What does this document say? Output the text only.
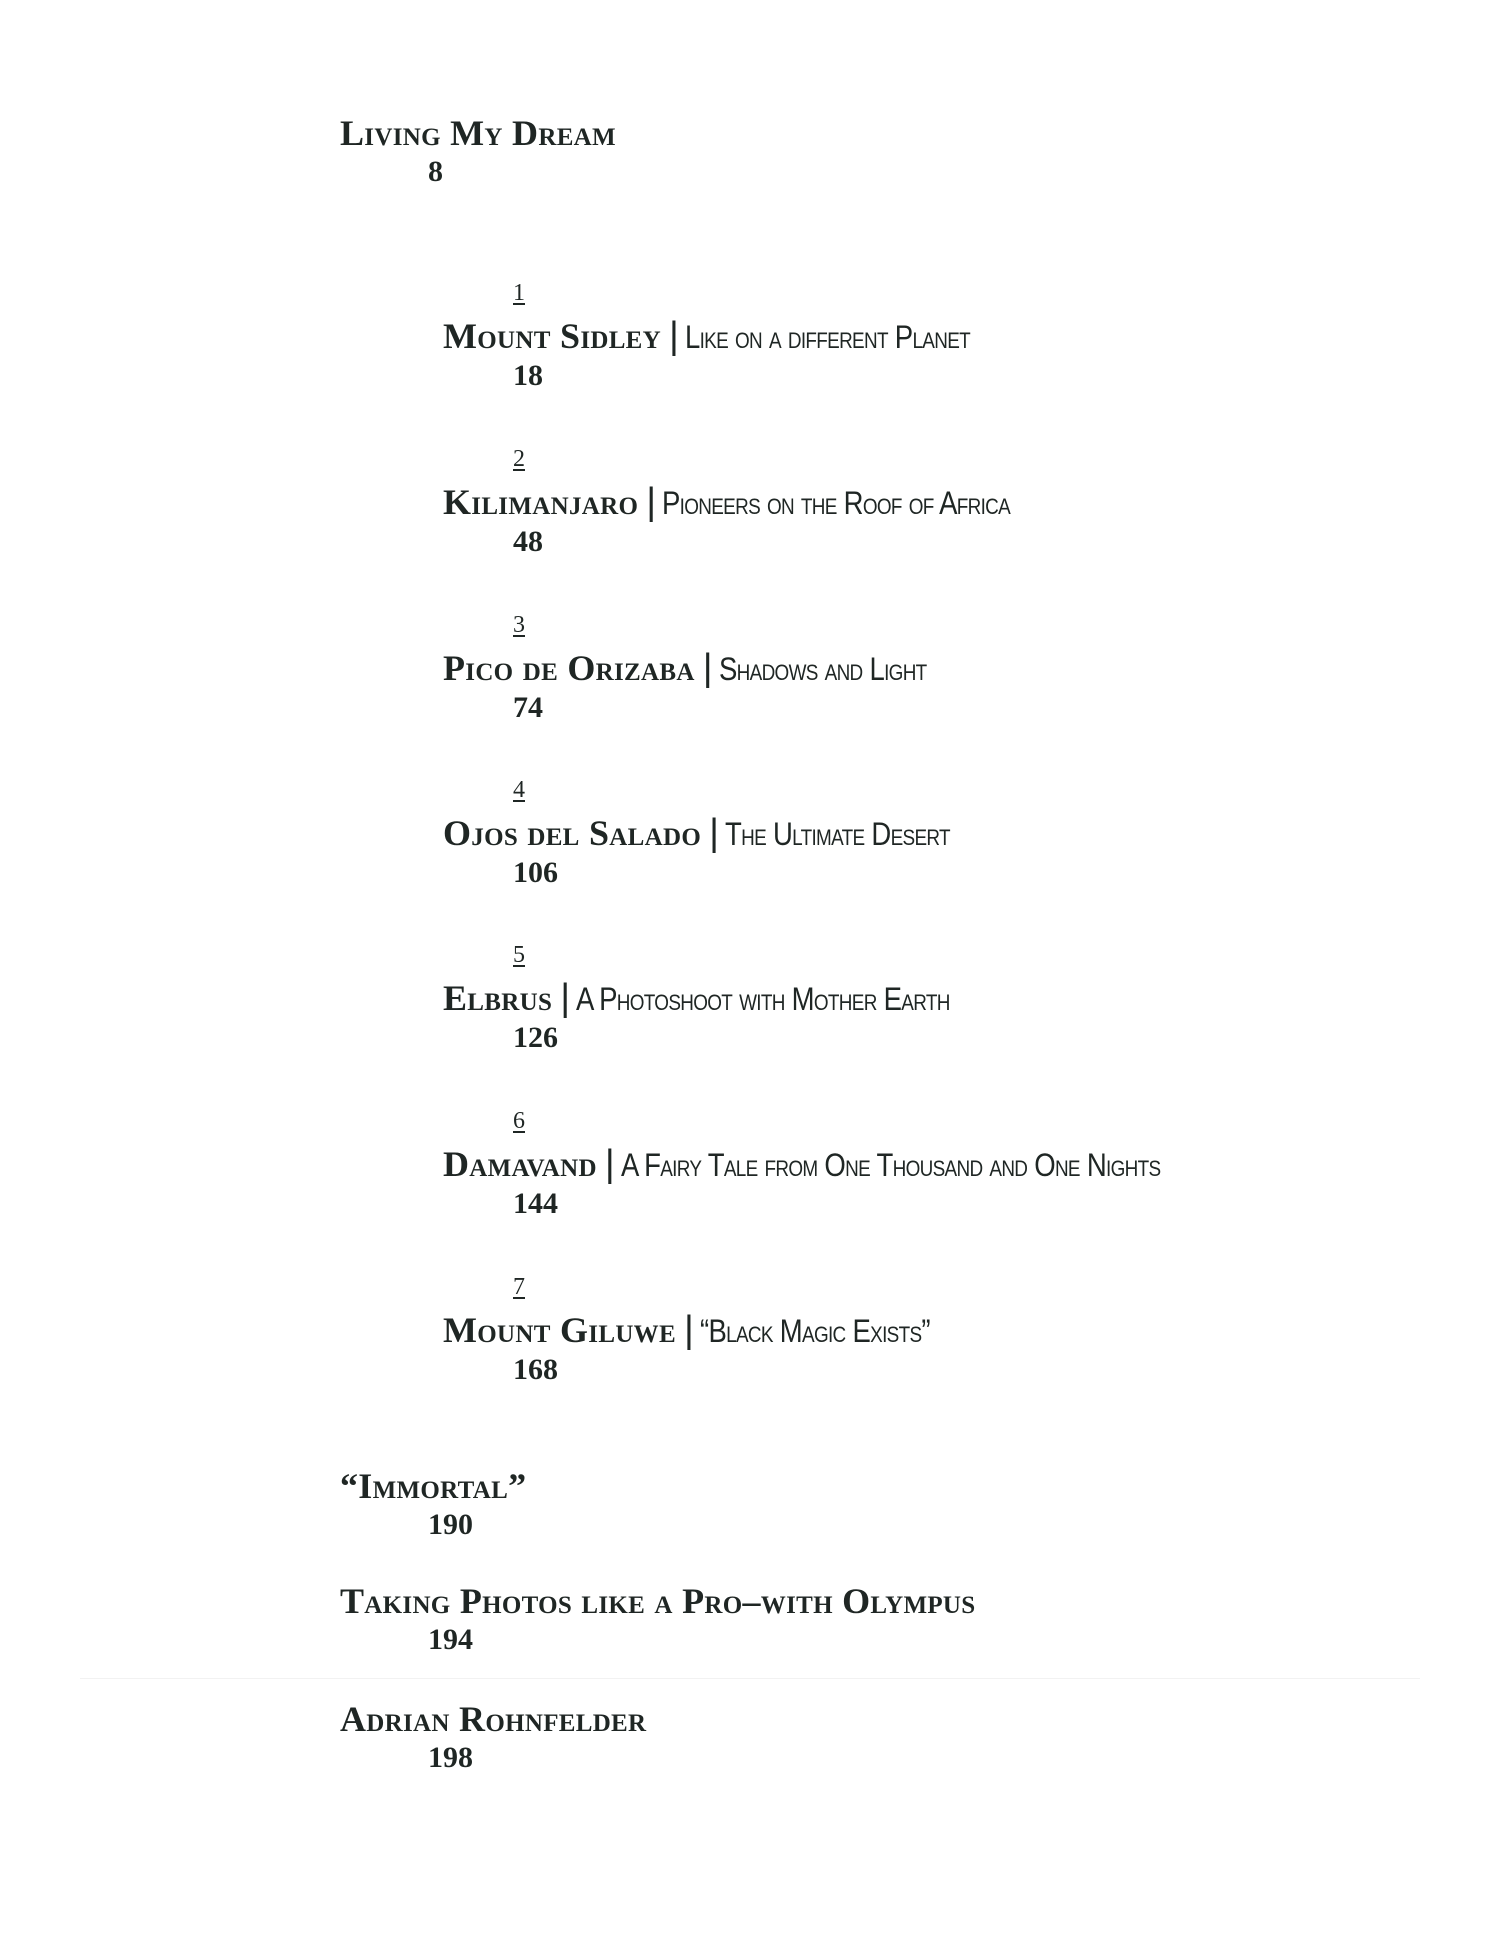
Living My Dream
8
1
Mount Sidley | Like on a different Planet
18
2
Kilimanjaro | Pioneers on the Roof of Africa
48
3
Pico de Orizaba | Shadows and Light
74
4
Ojos del Salado | The Ultimate Desert
106
5
Elbrus | A Photoshoot with Mother Earth
126
6
Damavand | A Fairy Tale from One Thousand and One Nights
144
7
Mount Giluwe | “Black Magic Exists”
168
“Immortal”
190
Taking Photos like a Pro–with Olympus
194
Adrian Rohnfelder
198
